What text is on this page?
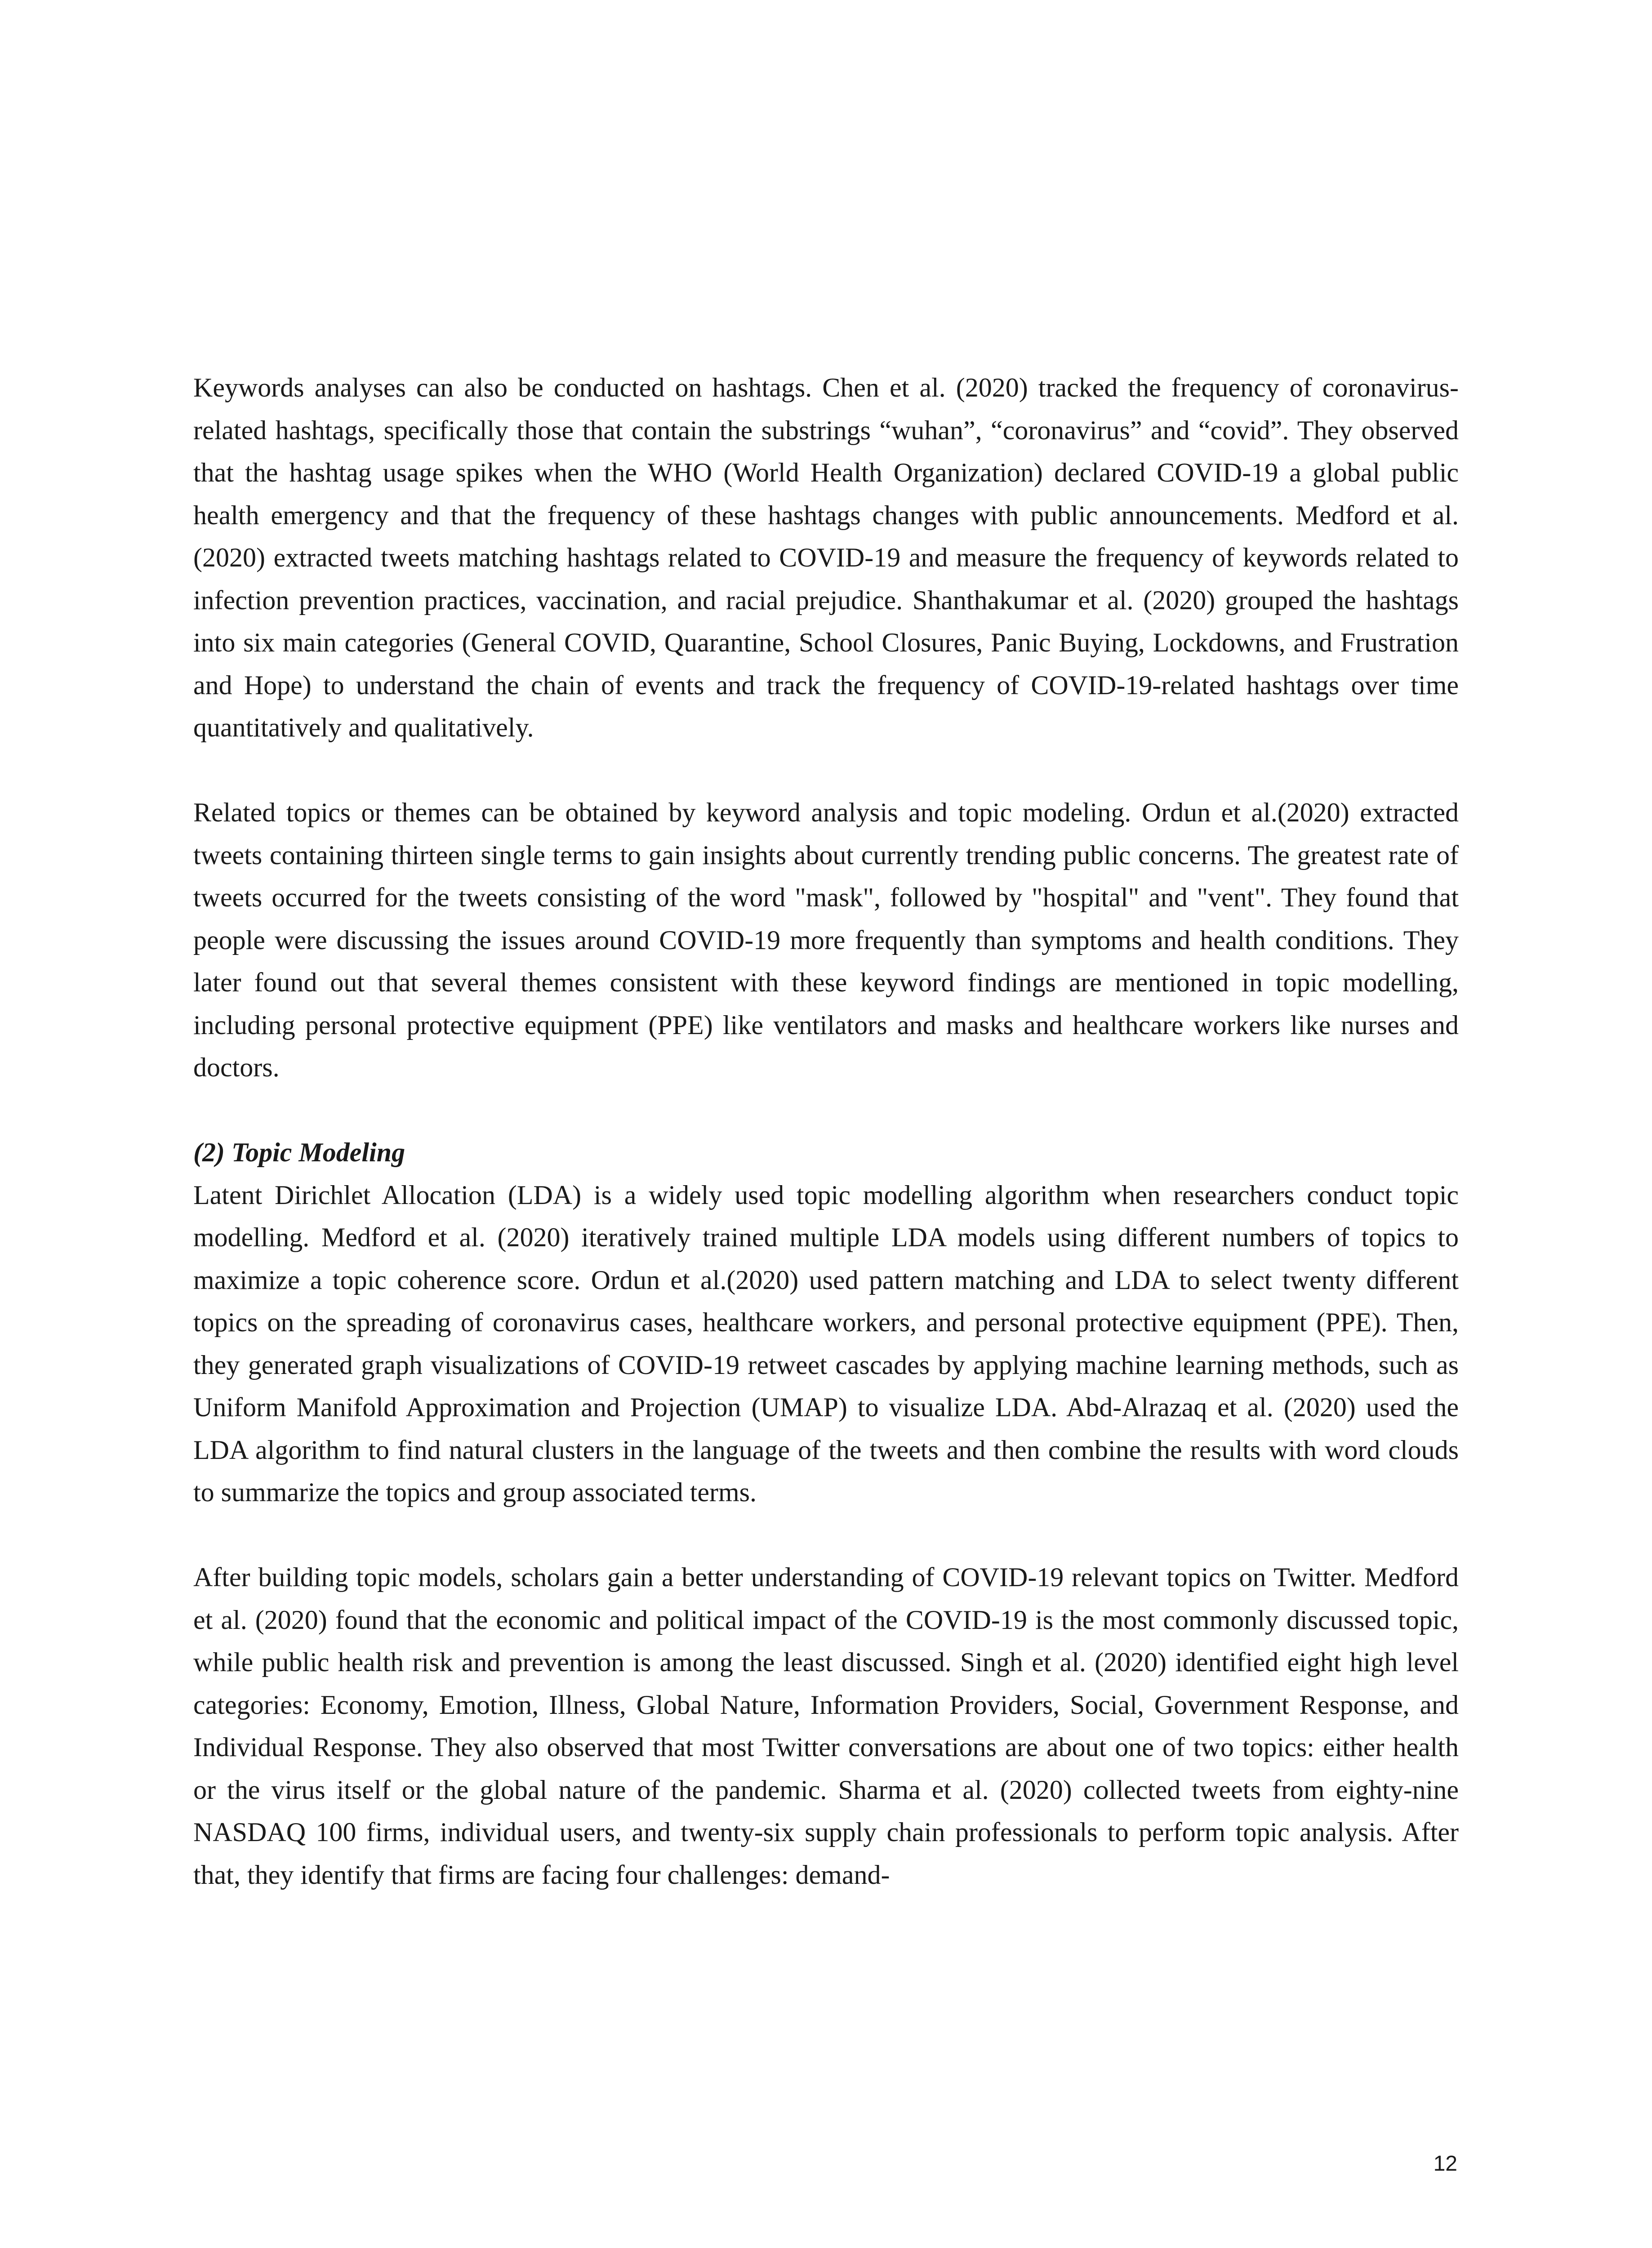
Keywords analyses can also be conducted on hashtags. Chen et al. (2020) tracked the frequency of coronavirus-related hashtags, specifically those that contain the substrings “wuhan”, “coronavirus” and “covid”. They observed that the hashtag usage spikes when the WHO (World Health Organization) declared COVID-19 a global public health emergency and that the frequency of these hashtags changes with public announcements. Medford et al. (2020) extracted tweets matching hashtags related to COVID-19 and measure the frequency of keywords related to infection prevention practices, vaccination, and racial prejudice. Shanthakumar et al. (2020) grouped the hashtags into six main categories (General COVID, Quarantine, School Closures, Panic Buying, Lockdowns, and Frustration and Hope) to understand the chain of events and track the frequency of COVID-19-related hashtags over time quantitatively and qualitatively.

Related topics or themes can be obtained by keyword analysis and topic modeling. Ordun et al.(2020) extracted tweets containing thirteen single terms to gain insights about currently trending public concerns. The greatest rate of tweets occurred for the tweets consisting of the word "mask", followed by "hospital" and "vent". They found that people were discussing the issues around COVID-19 more frequently than symptoms and health conditions. They later found out that several themes consistent with these keyword findings are mentioned in topic modelling, including personal protective equipment (PPE) like ventilators and masks and healthcare workers like nurses and doctors.

(2) Topic Modeling

Latent Dirichlet Allocation (LDA) is a widely used topic modelling algorithm when researchers conduct topic modelling. Medford et al. (2020) iteratively trained multiple LDA models using different numbers of topics to maximize a topic coherence score. Ordun et al.(2020) used pattern matching and LDA to select twenty different topics on the spreading of coronavirus cases, healthcare workers, and personal protective equipment (PPE). Then, they generated graph visualizations of COVID-19 retweet cascades by applying machine learning methods, such as Uniform Manifold Approximation and Projection (UMAP) to visualize LDA. Abd-Alrazaq et al. (2020) used the LDA algorithm to find natural clusters in the language of the tweets and then combine the results with word clouds to summarize the topics and group associated terms.

After building topic models, scholars gain a better understanding of COVID-19 relevant topics on Twitter. Medford et al. (2020) found that the economic and political impact of the COVID-19 is the most commonly discussed topic, while public health risk and prevention is among the least discussed. Singh et al. (2020) identified eight high level categories: Economy, Emotion, Illness, Global Nature, Information Providers, Social, Government Response, and Individual Response. They also observed that most Twitter conversations are about one of two topics: either health or the virus itself or the global nature of the pandemic. Sharma et al. (2020) collected tweets from eighty-nine NASDAQ 100 firms, individual users, and twenty-six supply chain professionals to perform topic analysis. After that, they identify that firms are facing four challenges: demand-

12
